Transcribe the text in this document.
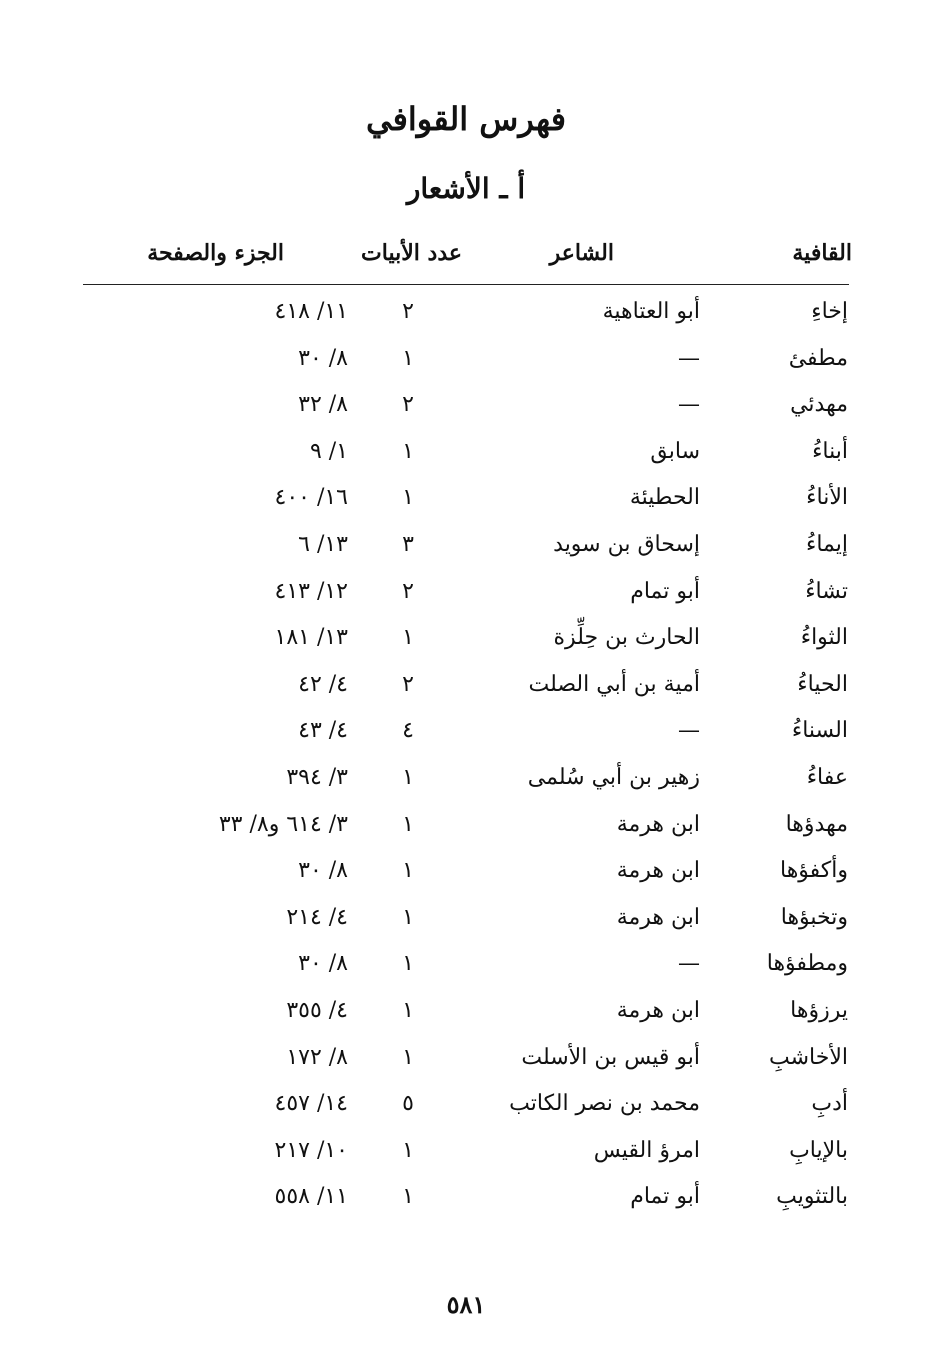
فهرس القوافي
أ ـ الأشعار
القافية
الشاعر
عدد الأبيات
الجزء والصفحة
إخاءِ
أبو العتاهية
٢
١١/ ٤١٨
مطفئ
—
١
٨/ ٣٠
مهدئي
—
٢
٨/ ٣٢
أبناءُ
سابق
١
١/ ٩
الأناءُ
الحطيئة
١
١٦/ ٤٠٠
إيماءُ
إسحاق بن سويد
٣
١٣/ ٦
تشاءُ
أبو تمام
٢
١٢/ ٤١٣
الثواءُ
الحارث بن حِلِّزة
١
١٣/ ١٨١
الحياءُ
أمية بن أبي الصلت
٢
٤/ ٤٢
السناءُ
—
٤
٤/ ٤٣
عفاءُ
زهير بن أبي سُلمى
١
٣/ ٣٩٤
مهدؤها
ابن هرمة
١
٣/ ٦١٤ و٨/ ٣٣
وأكفؤها
ابن هرمة
١
٨/ ٣٠
وتخبؤها
ابن هرمة
١
٤/ ٢١٤
ومطفؤها
—
١
٨/ ٣٠
يرزؤها
ابن هرمة
١
٤/ ٣٥٥
الأخاشبِ
أبو قيس بن الأسلت
١
٨/ ١٧٢
أدبِ
محمد بن نصر الكاتب
٥
١٤/ ٤٥٧
بالإيابِ
امرؤ القيس
١
١٠/ ٢١٧
بالتثويبِ
أبو تمام
١
١١/ ٥٥٨
٥٨١
